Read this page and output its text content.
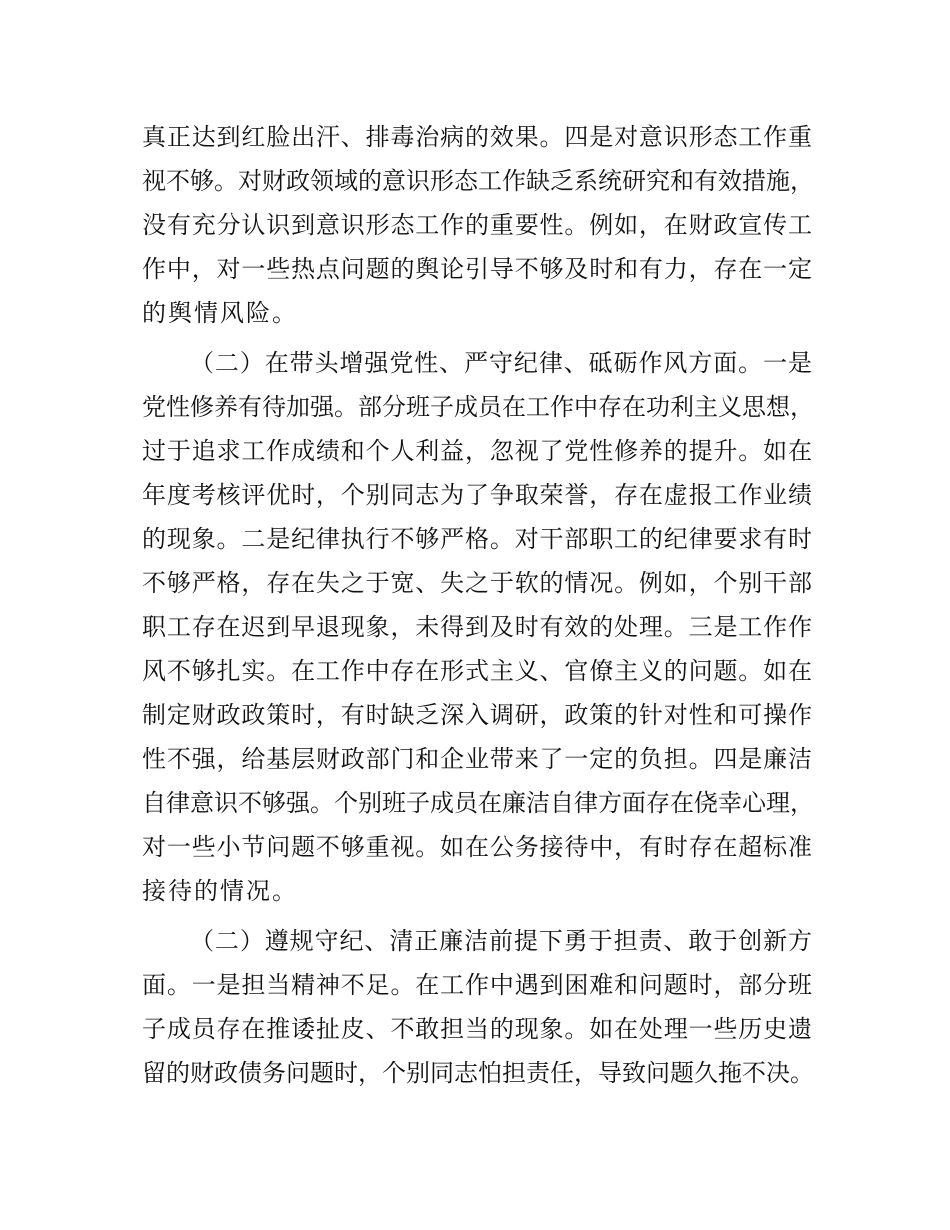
真正达到红脸出汗、排毒治病的效果。四是对意识形态工作重
视不够。对财政领域的意识形态工作缺乏系统研究和有效措施，
没有充分认识到意识形态工作的重要性。例如，在财政宣传工
作中，对一些热点问题的舆论引导不够及时和有力，存在一定
的舆情风险。
（二）在带头增强党性、严守纪律、砥砺作风方面。一是
党性修养有待加强。部分班子成员在工作中存在功利主义思想，
过于追求工作成绩和个人利益，忽视了党性修养的提升。如在
年度考核评优时，个别同志为了争取荣誉，存在虚报工作业绩
的现象。二是纪律执行不够严格。对干部职工的纪律要求有时
不够严格，存在失之于宽、失之于软的情况。例如，个别干部
职工存在迟到早退现象，未得到及时有效的处理。三是工作作
风不够扎实。在工作中存在形式主义、官僚主义的问题。如在
制定财政政策时，有时缺乏深入调研，政策的针对性和可操作
性不强，给基层财政部门和企业带来了一定的负担。四是廉洁
自律意识不够强。个别班子成员在廉洁自律方面存在侥幸心理，
对一些小节问题不够重视。如在公务接待中，有时存在超标准
接待的情况。
（二）遵规守纪、清正廉洁前提下勇于担责、敢于创新方
面。一是担当精神不足。在工作中遇到困难和问题时，部分班
子成员存在推诿扯皮、不敢担当的现象。如在处理一些历史遗
留的财政债务问题时，个别同志怕担责任，导致问题久拖不决。
